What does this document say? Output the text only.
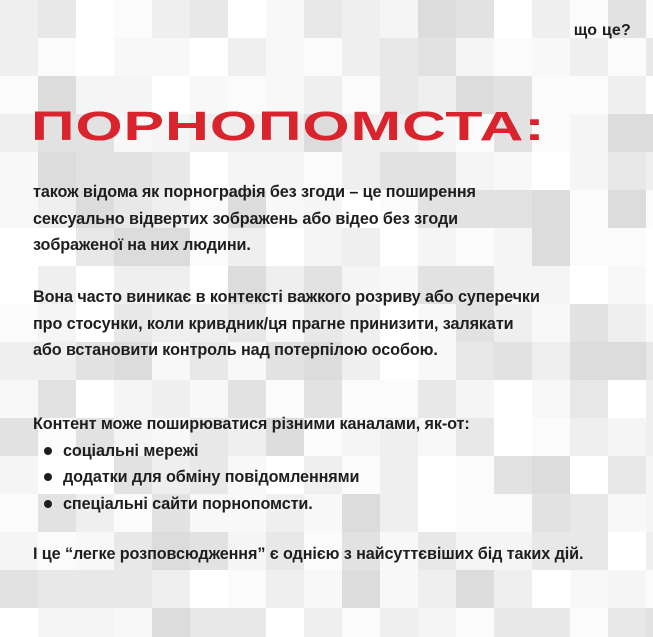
що це?
ПОРНОПОМСТА:
також відома як порнографія без згоди – це поширення
сексуально відвертих зображень або відео без згоди
зображеної на них людини.
Вона часто виникає в контексті важкого розриву або суперечки
про стосунки, коли кривдник/ця прагне принизити, залякати
або встановити контроль над потерпілою особою.
Контент може поширюватися різними каналами, як-от:
соціальні мережі
додатки для обміну повідомленнями
спеціальні сайти порнопомсти.
І це “легке розповсюдження” є однією з найсуттєвіших бід таких дій.
